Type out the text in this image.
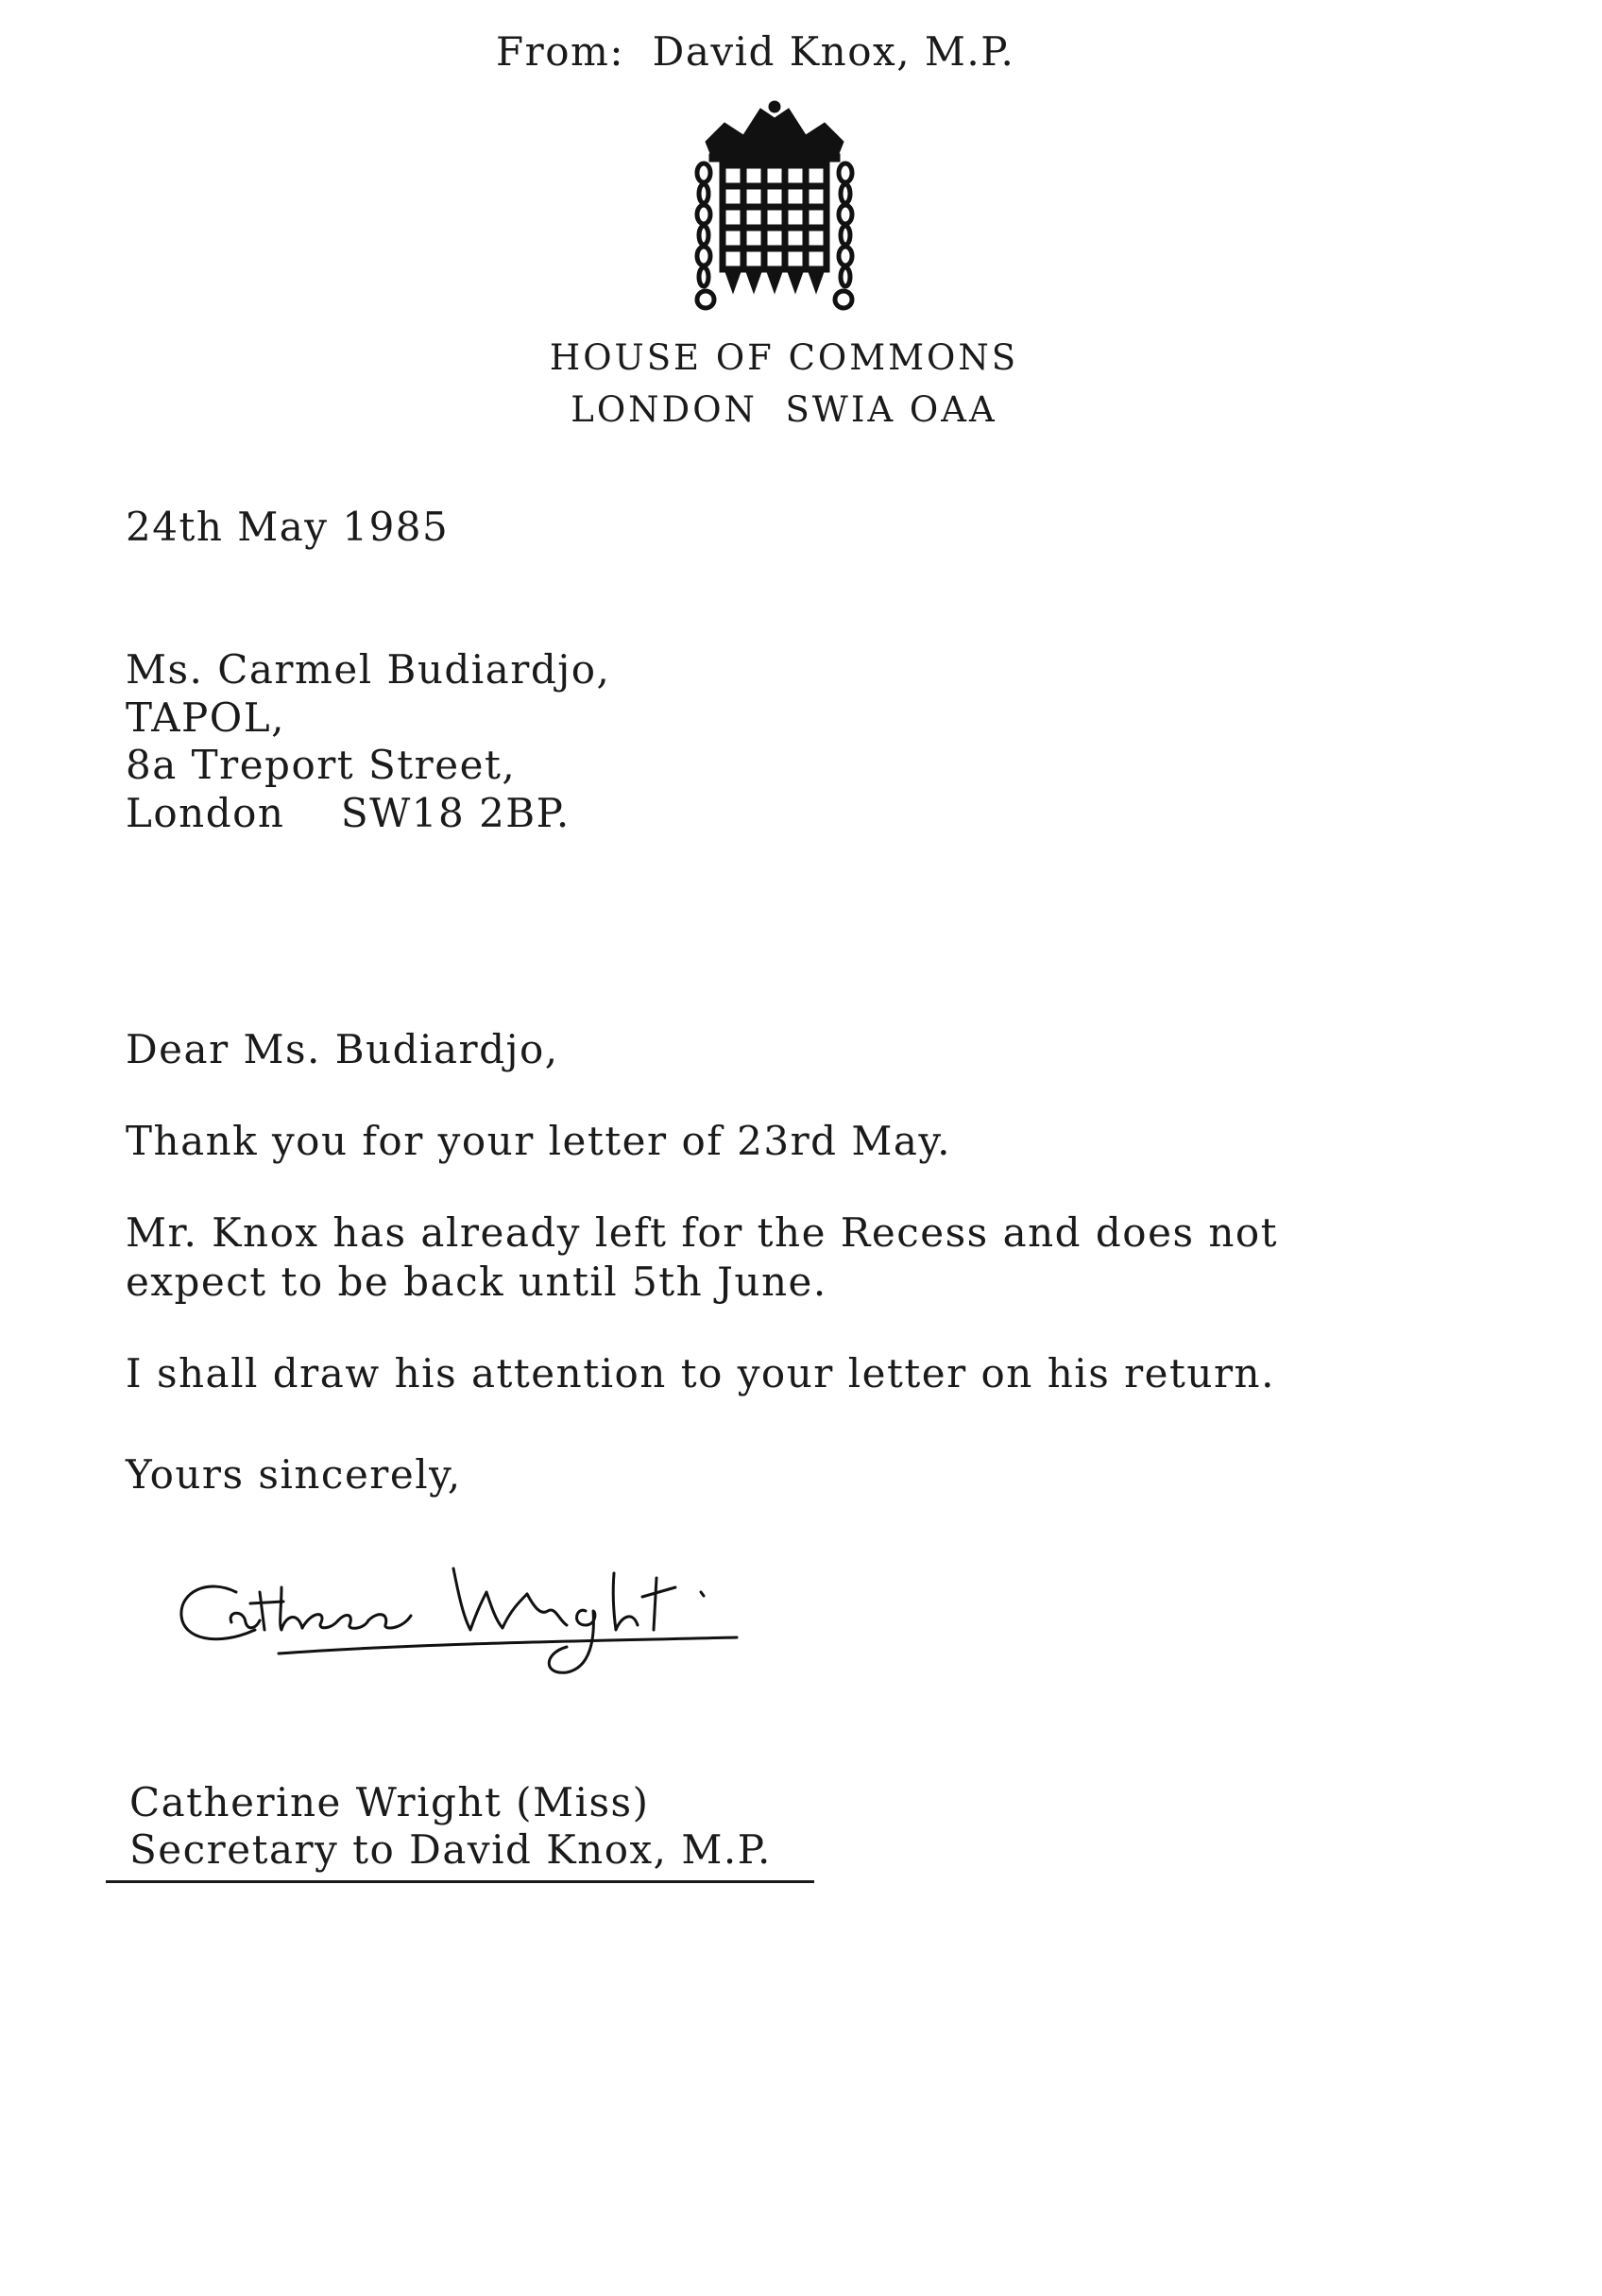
From:  David Knox, M.P.
HOUSE OF COMMONS
LONDON  SWIA OAA
24th May 1985
Ms. Carmel Budiardjo,
TAPOL,
8a Treport Street,
London    SW18 2BP.
Dear Ms. Budiardjo,
Thank you for your letter of 23rd May.
Mr. Knox has already left for the Recess and does not
expect to be back until 5th June.
I shall draw his attention to your letter on his return.
Yours sincerely,
Catherine Wright (Miss)
Secretary to David Knox, M.P.
